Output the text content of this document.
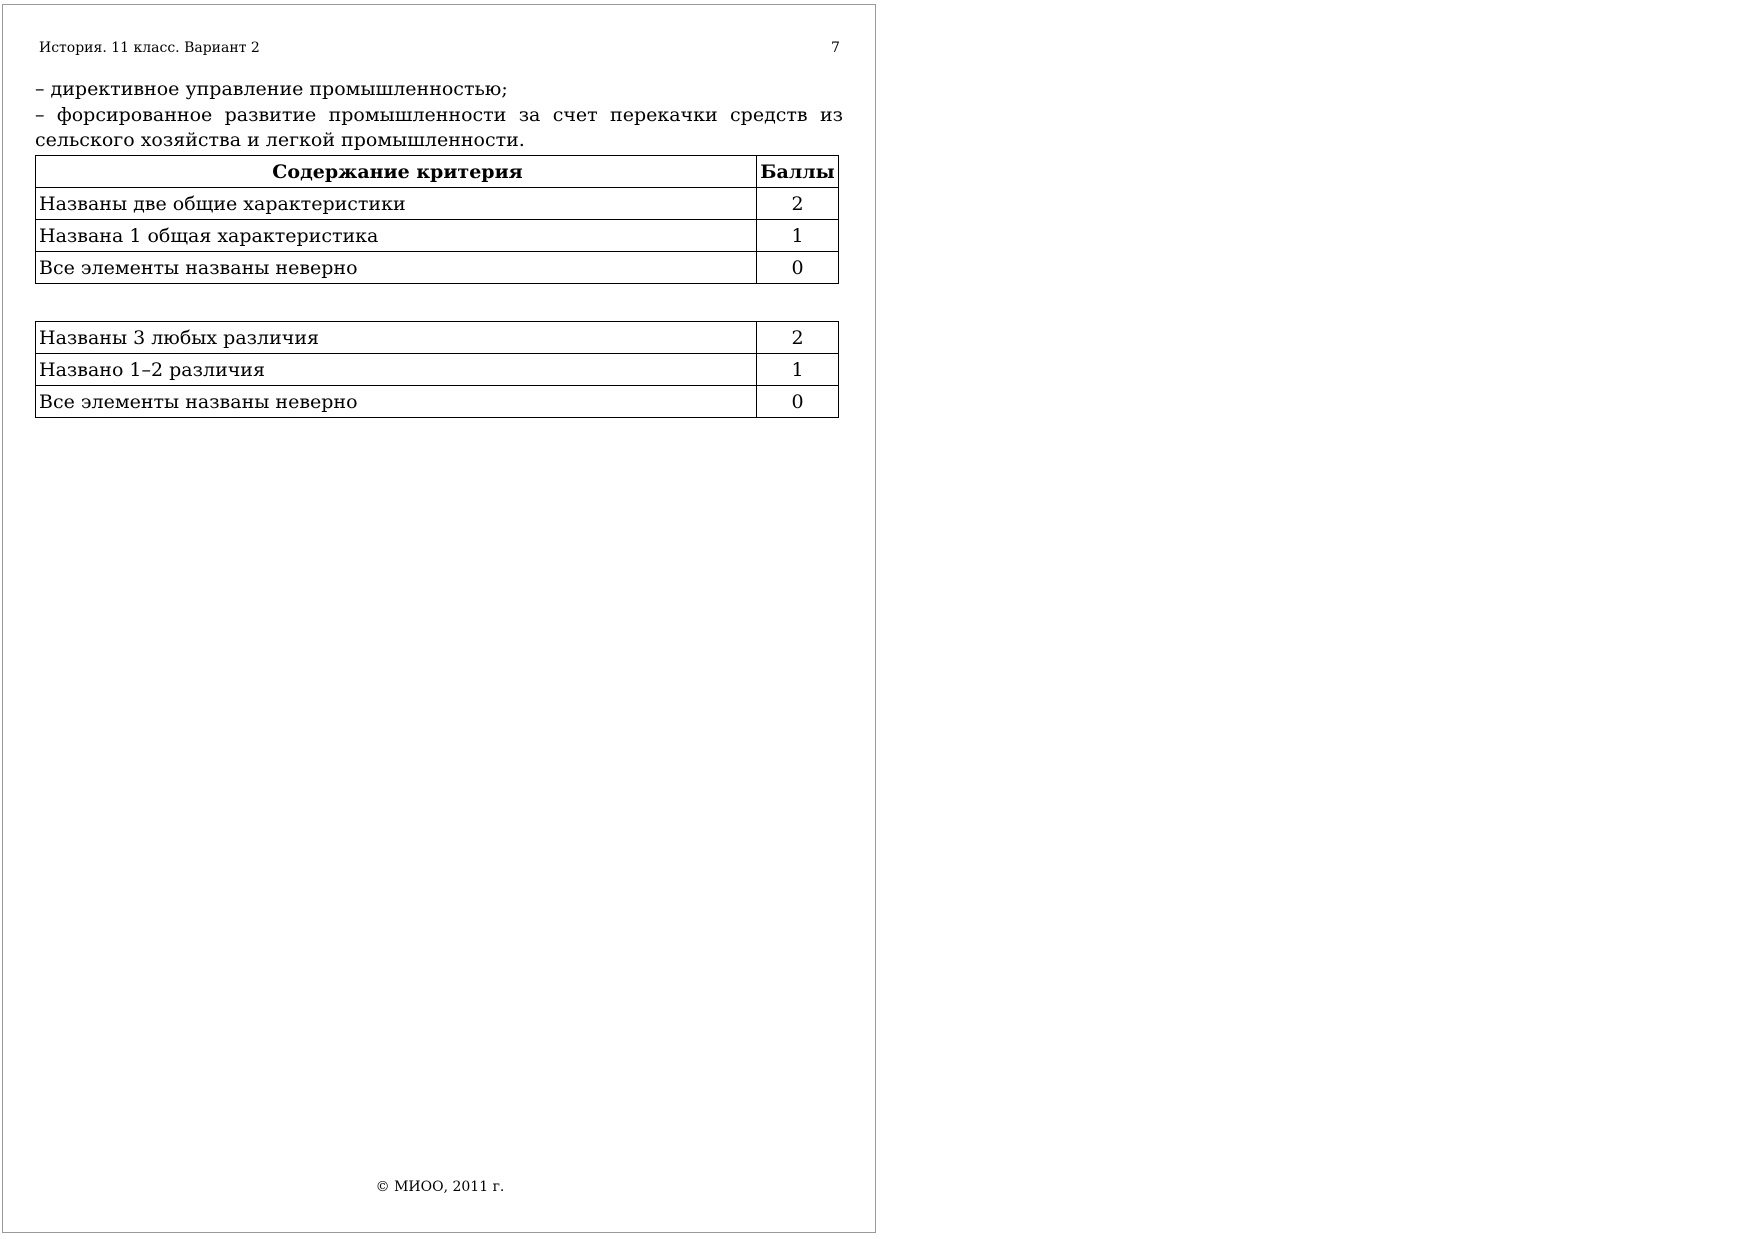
История. 11 класс. Вариант 2	7

– директивное управление промышленностью;

– форсированное развитие промышленности за счет перекачки средств из сельского хозяйства и легкой промышленности.

Содержание критерия	Баллы
Названы две общие характеристики	2
Названа 1 общая характеристика	1
Все элементы названы неверно	0
Названы 3 любых различия	2
Названо 1–2 различия	1
Все элементы названы неверно	0
© МИОО, 2011 г.
